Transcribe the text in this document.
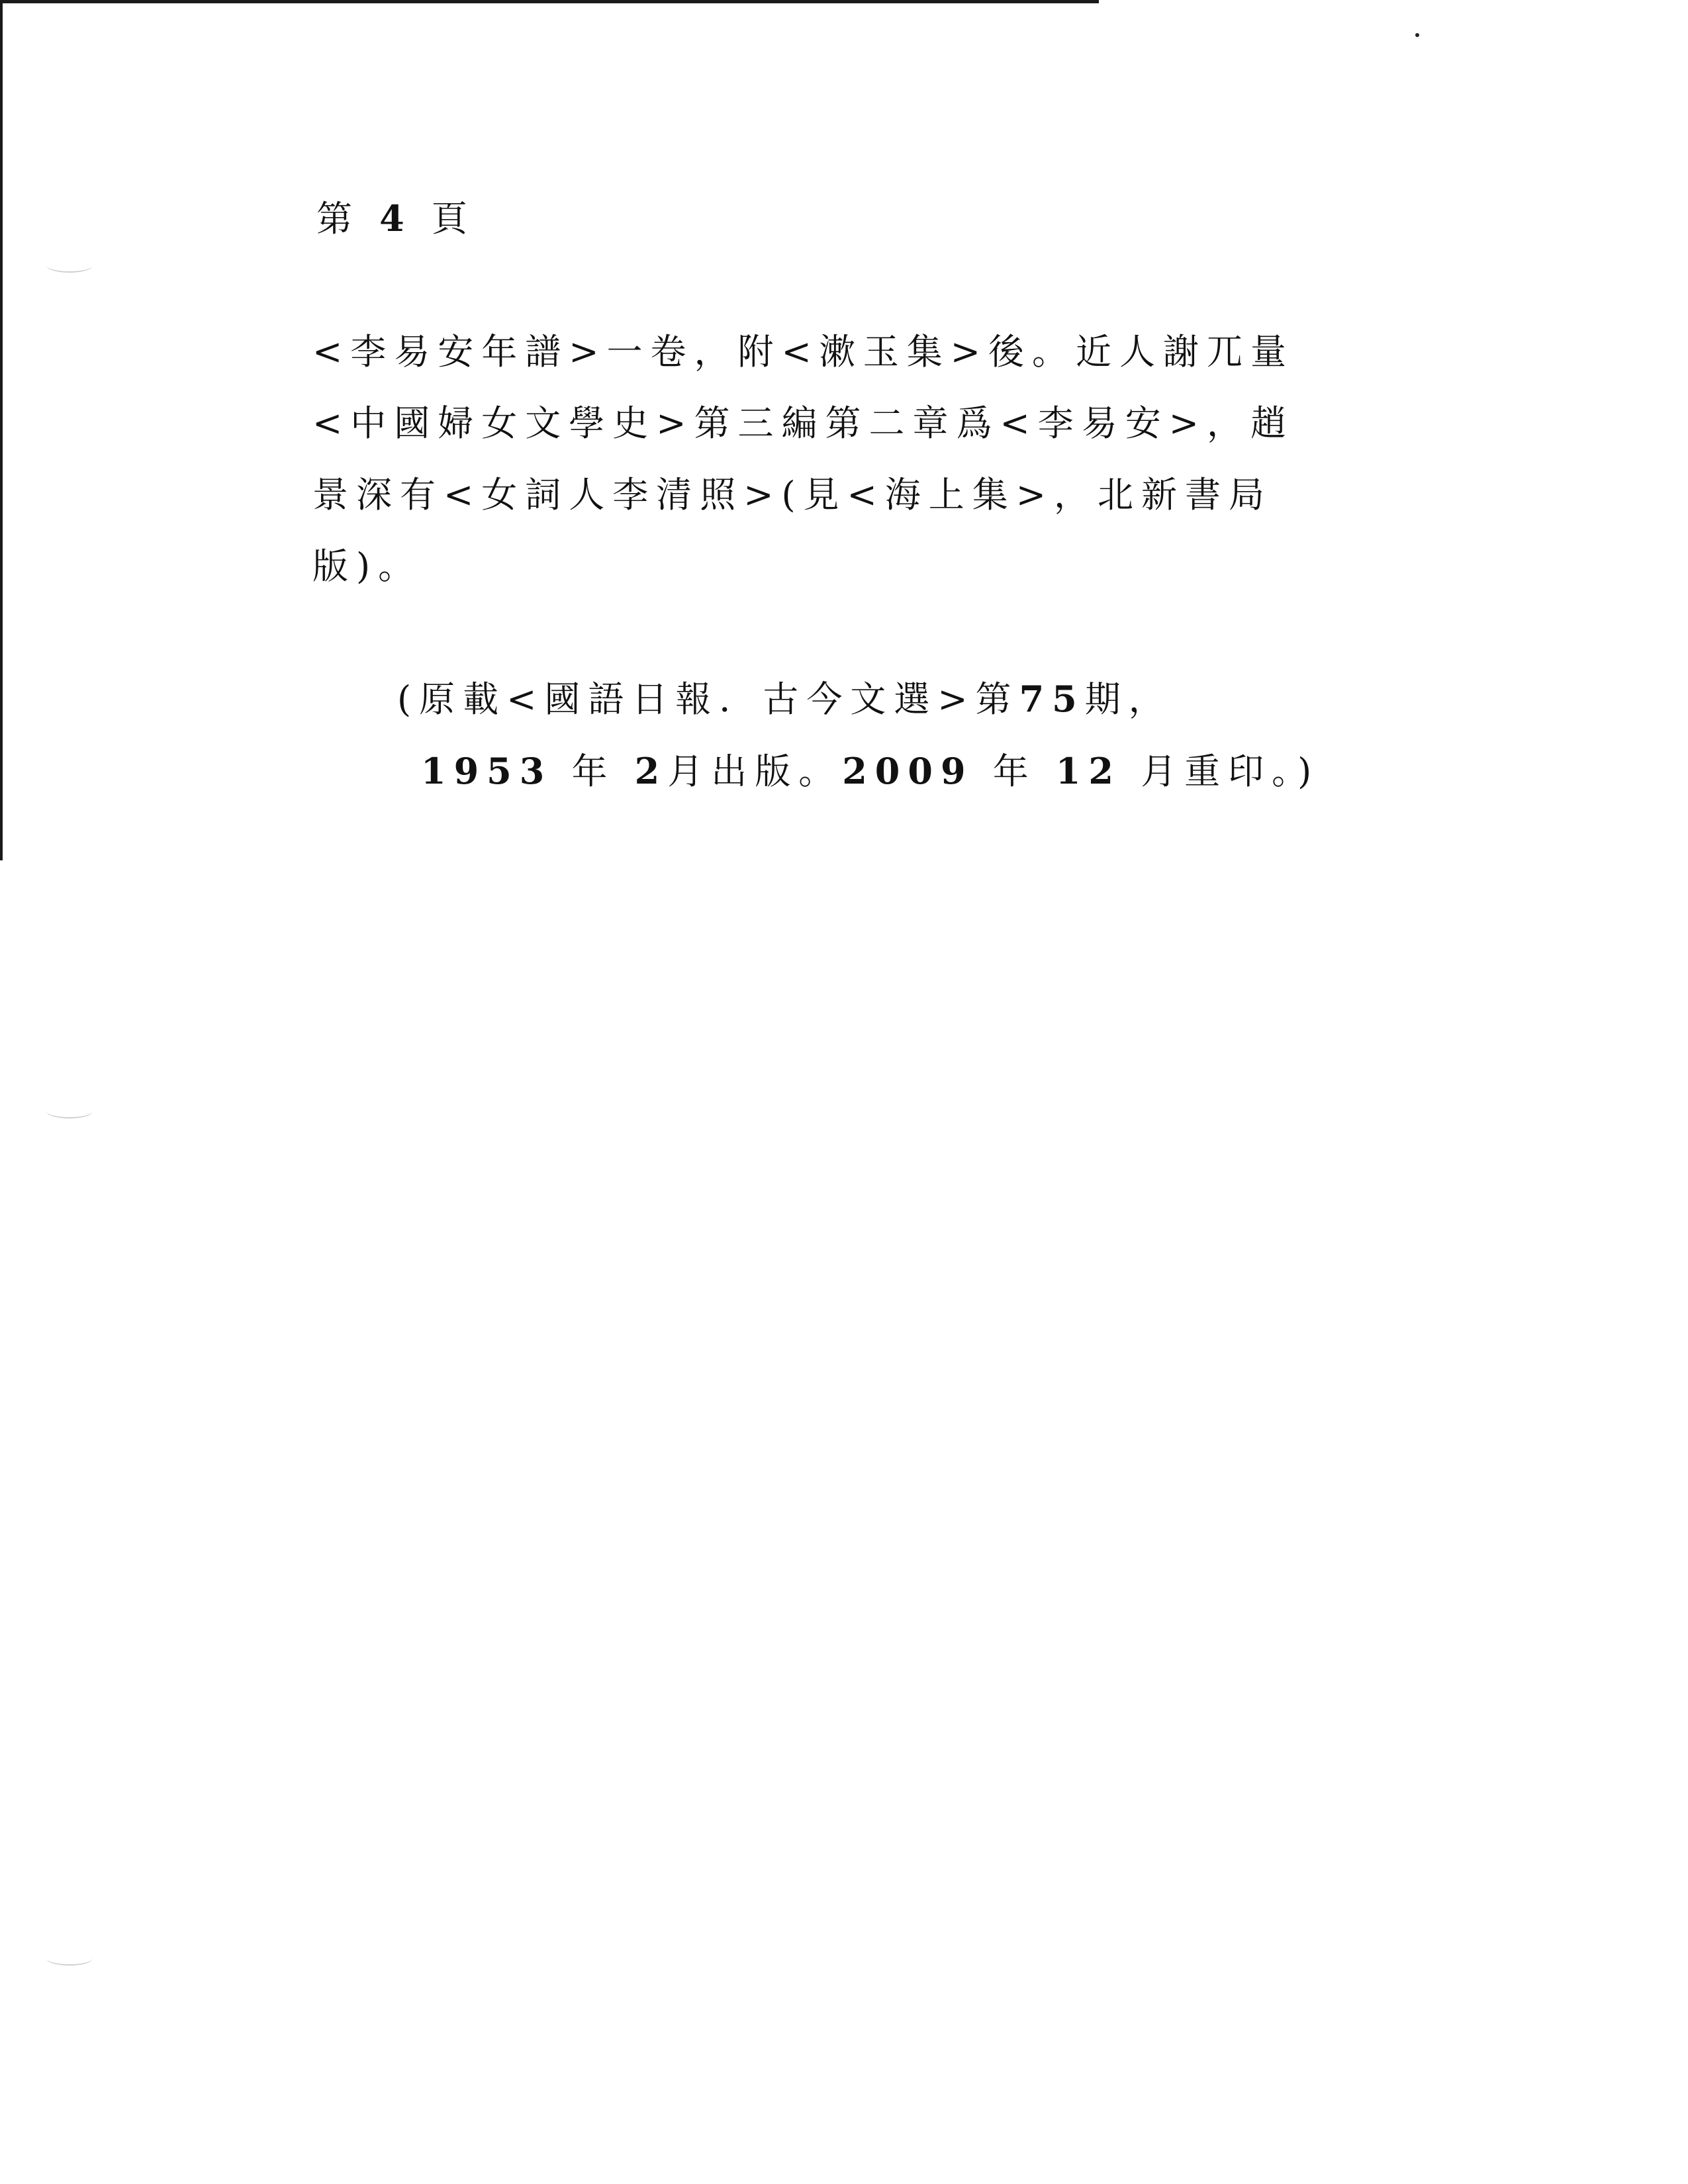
第 4 頁
<李易安年譜>一卷，附<漱玉集>後。近人謝兀量
<中國婦女文學史>第三編第二章爲<李易安>，趙
景深有<女詞人李清照>(見<海上集>，北新書局
版)。
(原載<國語日報．古今文選>第75期，
1953 年 2月出版。2009 年 12 月重印。)
